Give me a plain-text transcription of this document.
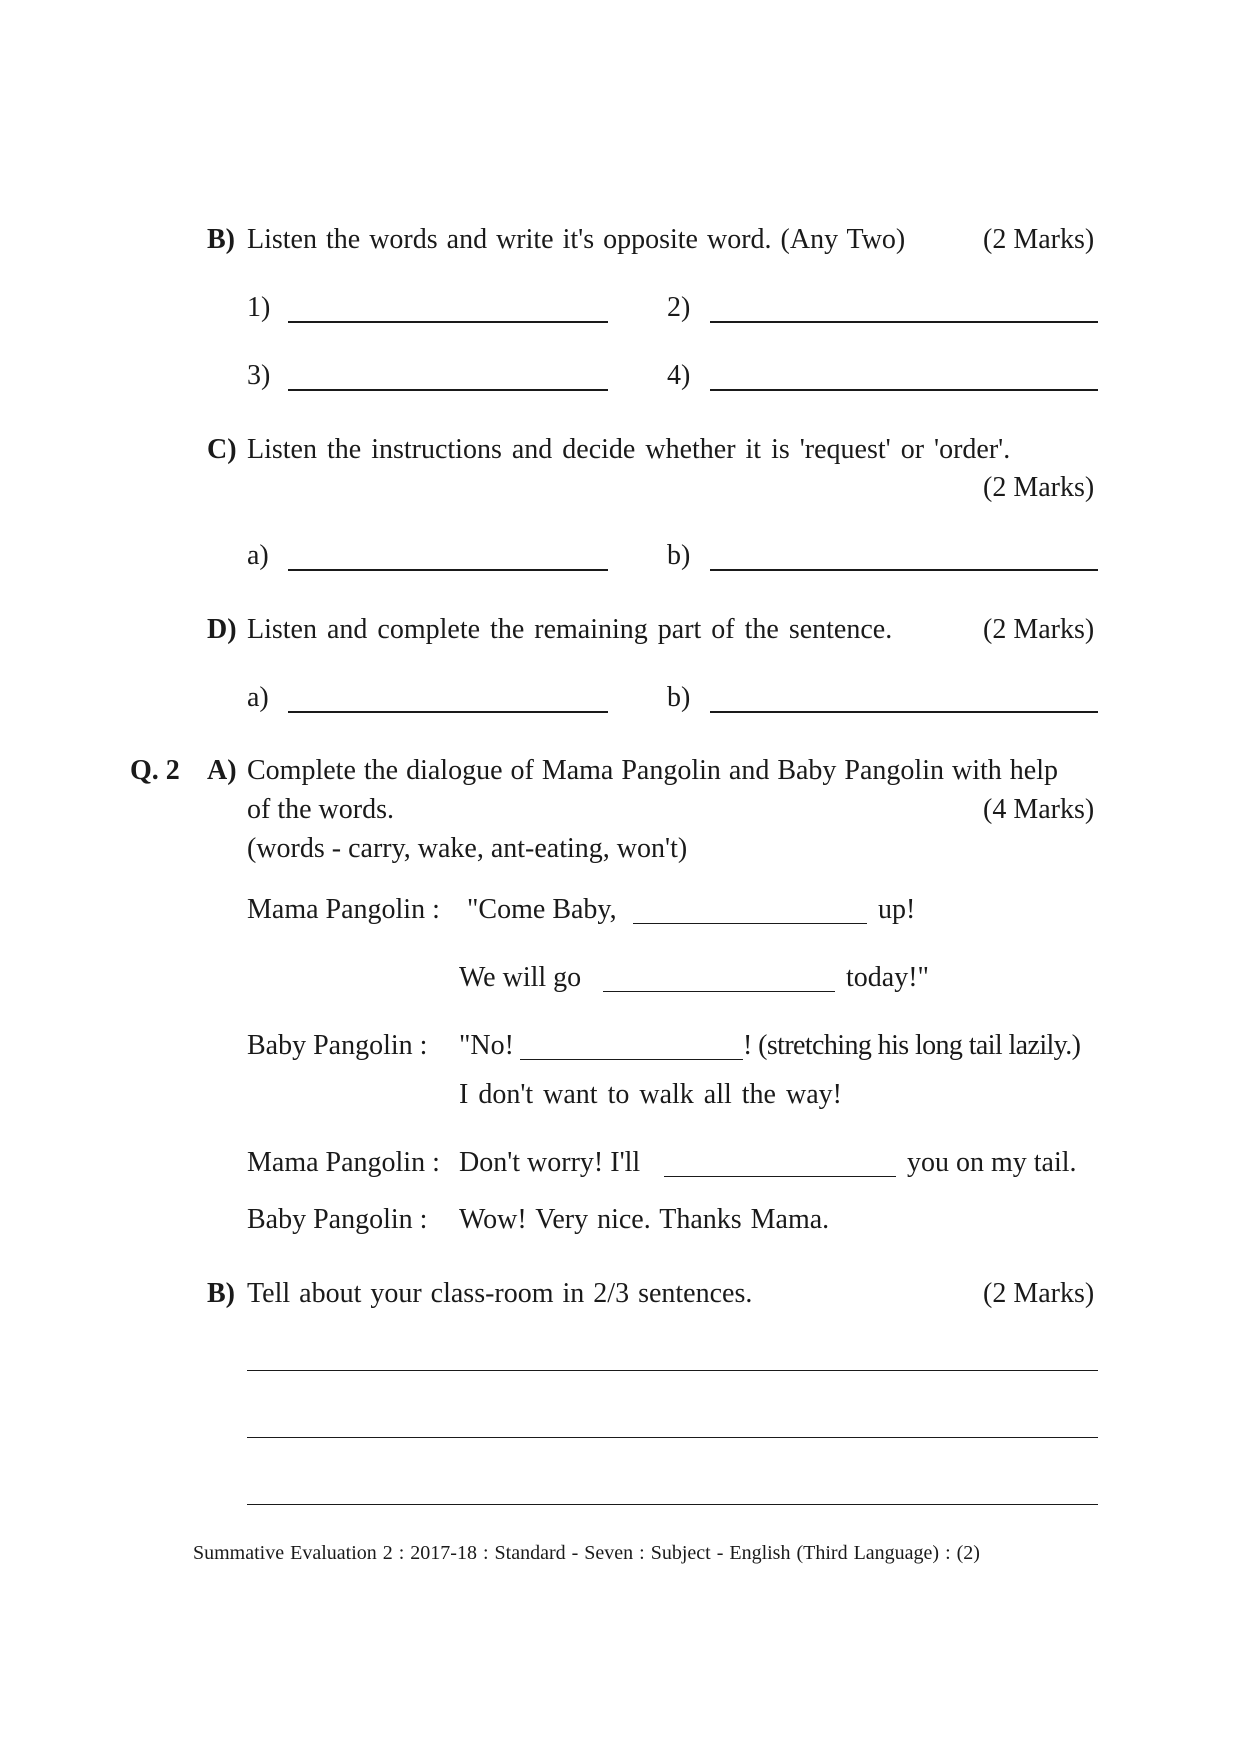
B) Listen the words and write it's opposite word. (Any Two)	(2 Marks)
1)	2)
3)	4)
C) Listen the instructions and decide whether it is 'request' or 'order'.
(2 Marks)
a)	b)
D) Listen and complete the remaining part of the sentence.	(2 Marks)
a)	b)
Q. 2 A) Complete the dialogue of Mama Pangolin and Baby Pangolin with help
of the words.	(4 Marks)
(words - carry, wake, ant-eating, won't)
Mama Pangolin : "Come Baby,	up!
We will go	today!"
Baby Pangolin : "No!	! (stretching his long tail lazily.)
I don't want to walk all the way!
Mama Pangolin : Don't worry! I'll	you on my tail.
Baby Pangolin : Wow! Very nice. Thanks Mama.
B) Tell about your class-room in 2/3 sentences.	(2 Marks)
Summative Evaluation 2 : 2017-18 : Standard - Seven : Subject - English (Third Language) : (2)
